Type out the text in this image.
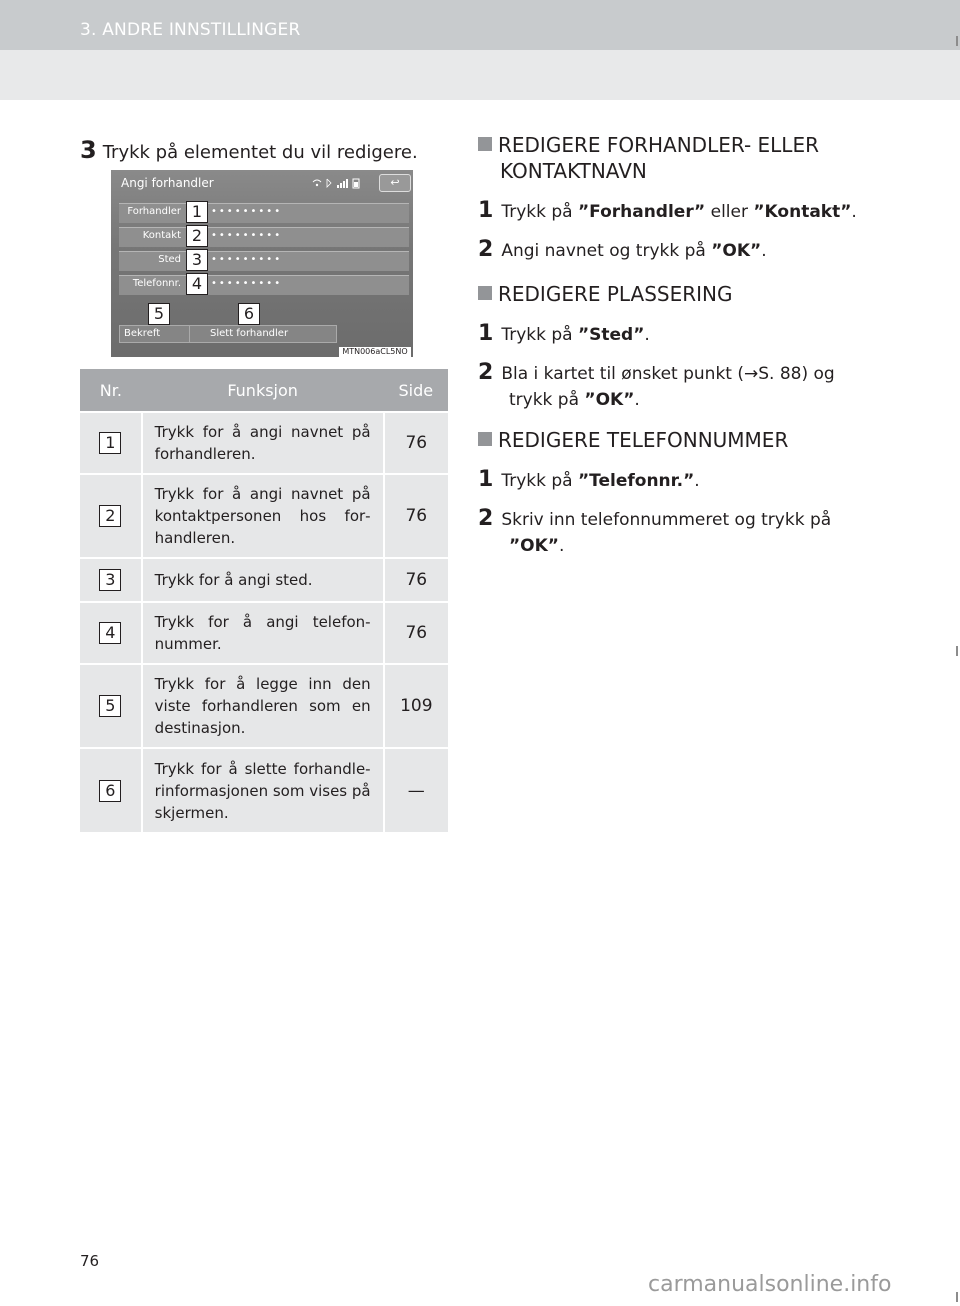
3. ANDRE INNSTILLINGER
3 Trykk på elementet du vil redigere.
Angi forhandler	↩
Forhandler	•••••••••
1
Kontakt	•••••••••
2
Sted	•••••••••
3
Telefonnr.	•••••••••
4
Bekreft
5
Slett forhandler
6
MTN006aCL5NO
Nr.	Funksjon	Side
1	Trykk for å angi navnet på forhandleren.	76
2	Trykk for å angi navnet på kontaktpersonen hos forhandleren.	76
3	Trykk for å angi sted.	76
4	Trykk for å angi telefonnummer.	76
5	Trykk for å legge inn den viste forhandleren som en destinasjon.	109
6	Trykk for å slette forhandlerinformasjonen som vises på skjermen.	—
REDIGERE FORHANDLER- ELLER
KONTAKTNAVN
1 Trykk på ”Forhandler” eller ”Kontakt”.
2 Angi navnet og trykk på ”OK”.
REDIGERE PLASSERING
1 Trykk på ”Sted”.
2 Bla i kartet til ønsket punkt (→S. 88) og
trykk på ”OK”.
REDIGERE TELEFONNUMMER
1 Trykk på ”Telefonnr.”.
2 Skriv inn telefonnummeret og trykk på
”OK”.
76
carmanualsonline.info
